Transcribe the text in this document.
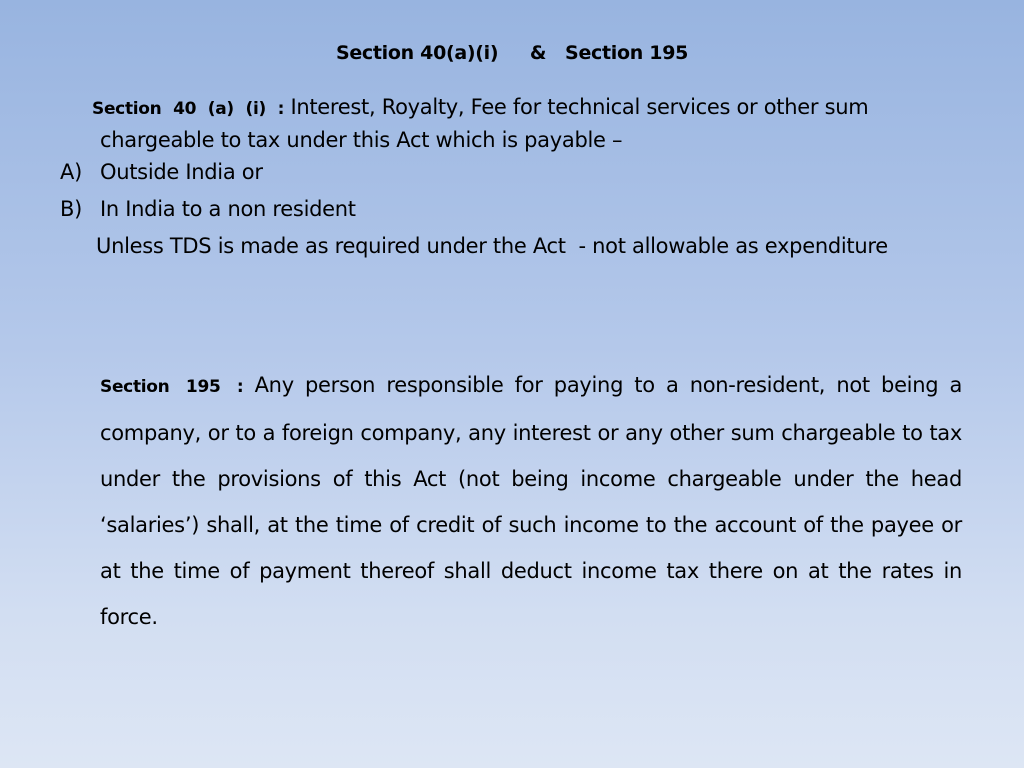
Section 40(a)(i)     &   Section 195
Section 40 (a) (i) : Interest, Royalty, Fee for technical services or other sum
chargeable to tax under this Act which is payable –
A) Outside India or
B) In India to a non resident
Unless TDS is made as required under the Act  - not allowable as expenditure
Section 195 : Any person responsible for paying to a non-resident, not being a company, or to a foreign company, any interest or any other sum chargeable to tax under the provisions of this Act (not being income chargeable under the head ‘salaries’) shall, at the time of credit of such income to the account of the payee or at the time of payment thereof shall deduct income tax there on at the rates in force.
